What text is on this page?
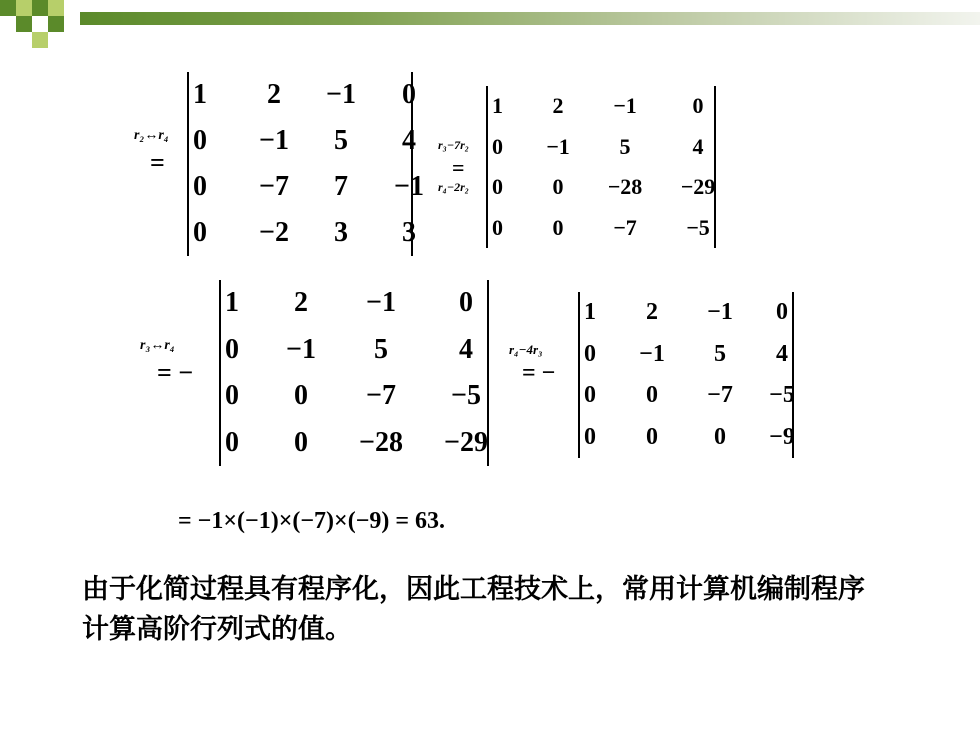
r₂↔r₄
=
1 2 −1 0
0 −1 5 4
0 −7 7 −1
0 −2 3 3
r₃−7r₂
=
r₄−2r₂
1 2 −1	0
0 −1 5	4
0 0 −28 −29
0 0 −7 −5
r₃↔r₄
= −
1 2 −1 0
0 −1 5	4
0 0 −7 −5
0 0 −28 −29
r₄−4r₃
= −
1 2 −1 0
0 −1 5 4
0 0 −7 −5
0 0 0 −9
= −1×(−1)×(−7)×(−9) = 63.
由于化简过程具有程序化，因此工程技术上，常用计算机编制程序计算高阶行列式的值。
